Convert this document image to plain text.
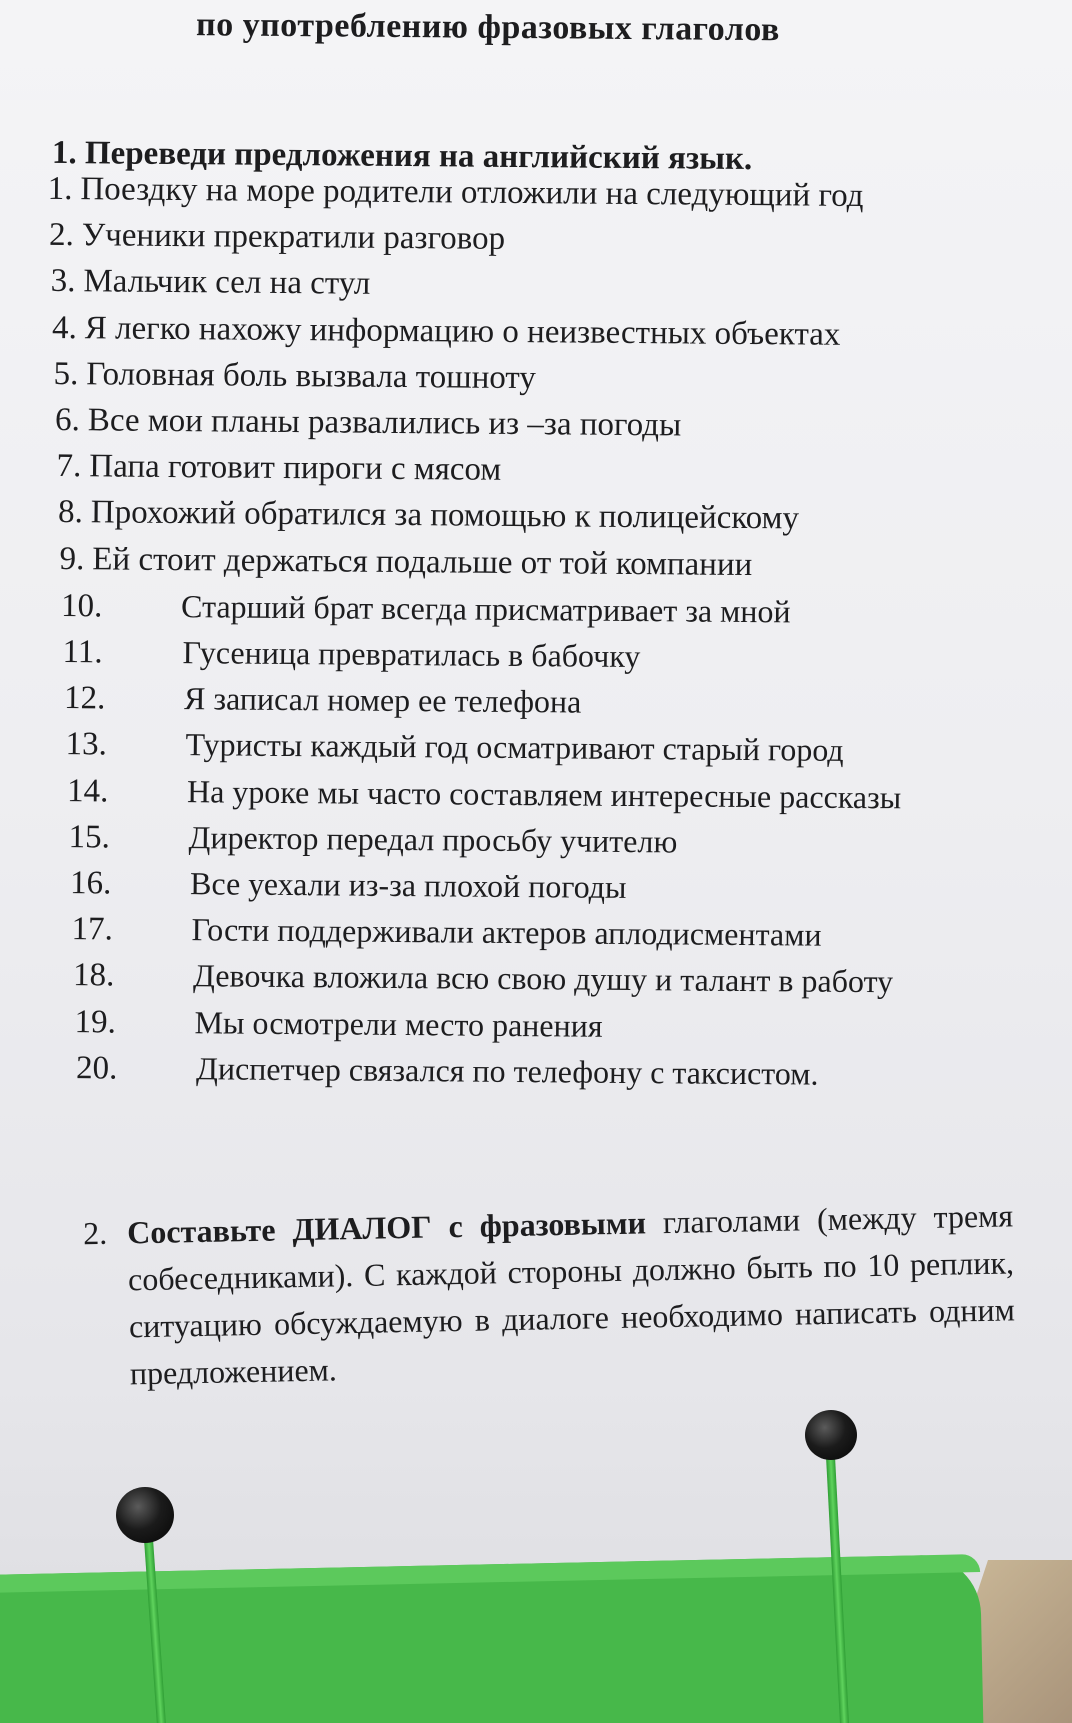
по употреблению фразовых глаголов
1. Переведи предложения на английский язык.
1. Поездку на море родители отложили на следующий год
2. Ученики прекратили разговор
3. Мальчик сел на стул
4. Я легко нахожу информацию о неизвестных объектах
5. Головная боль вызвала тошноту
6. Все мои планы развалились из –за погоды
7. Папа готовит пироги с мясом
8. Прохожий обратился за помощью к полицейскому
9. Ей стоит держаться подальше от той компании
10. Старший брат всегда присматривает за мной
11. Гусеница превратилась в бабочку
12. Я записал номер ее телефона
13. Туристы каждый год осматривают старый город
14. На уроке мы часто составляем интересные рассказы
15. Директор передал просьбу учителю
16. Все уехали из-за плохой погоды
17. Гости поддерживали актеров аплодисментами
18. Девочка вложила всю свою душу и талант в работу
19. Мы осмотрели место ранения
20. Диспетчер связался по телефону с таксистом.
2. Составьте ДИАЛОГ с фразовыми глаголами (между тремя собеседниками). С каждой стороны должно быть по 10 реплик, ситуацию обсуждаемую в диалоге необходимо написать одним предложением.
